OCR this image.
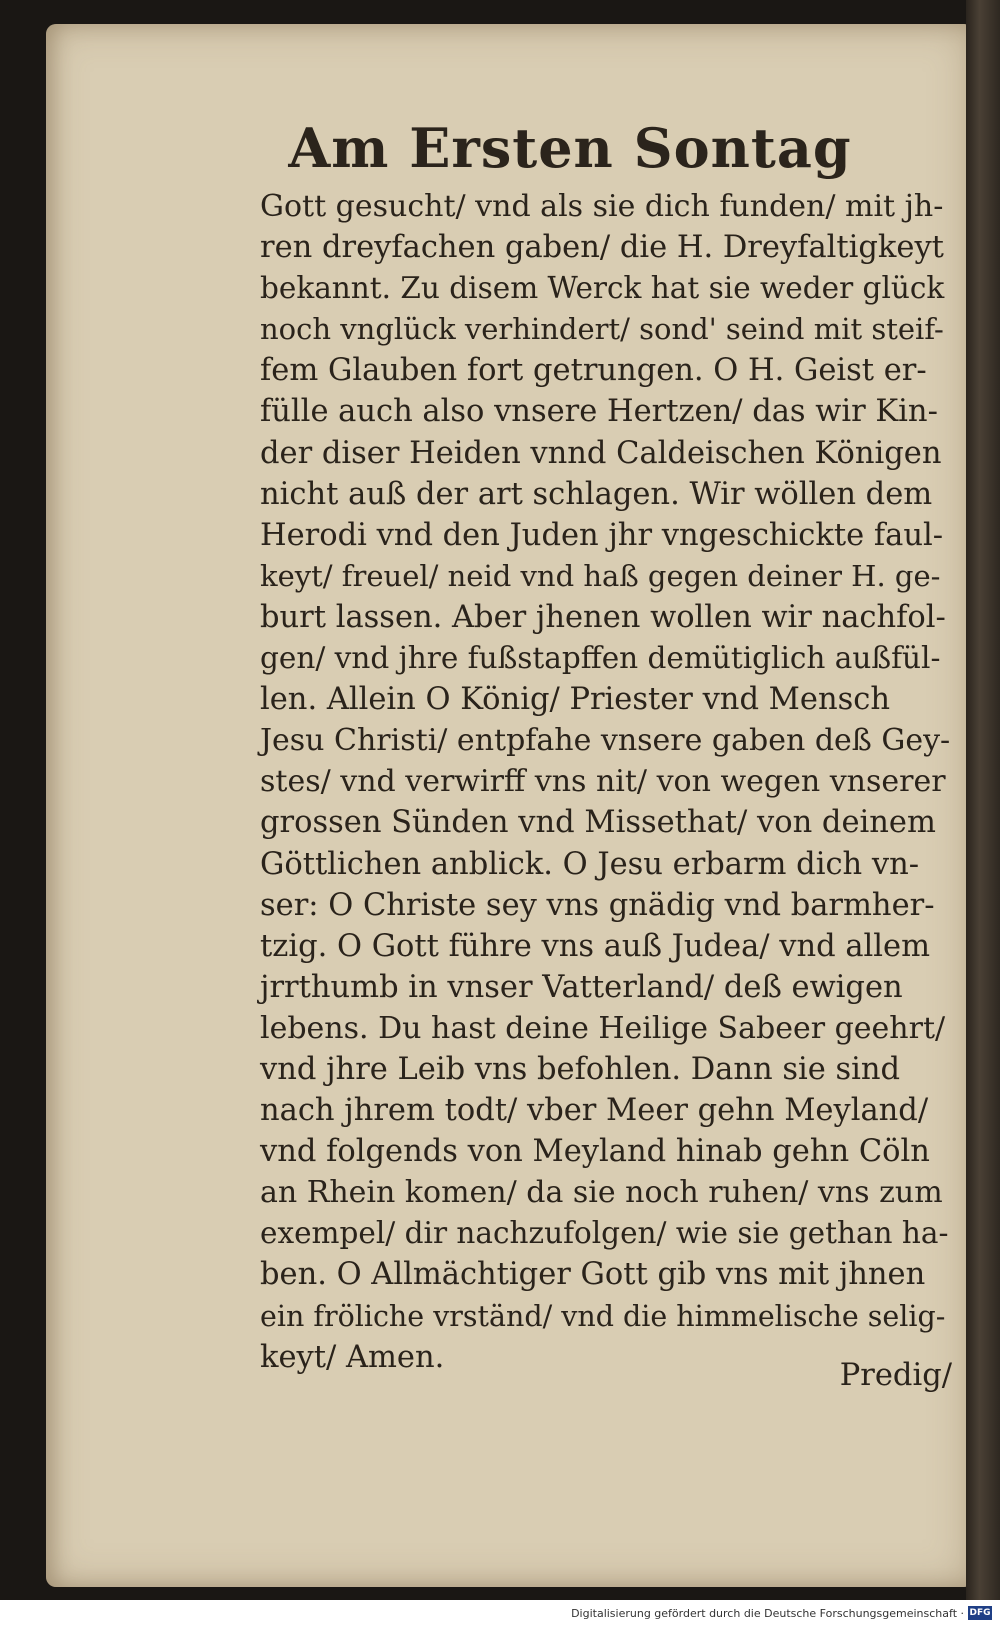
Am Ersten Sontag
Gott gesucht/ vnd als sie dich funden/ mit jh-
ren dreyfachen gaben/ die H. Dreyfaltigkeyt
bekannt. Zu disem Werck hat sie weder glück
noch vnglück verhindert/ sond' seind mit steif-
fem Glauben fort getrungen. O H. Geist er-
fülle auch also vnsere Hertzen/ das wir Kin-
der diser Heiden vnnd Caldeischen Königen
nicht auß der art schlagen. Wir wöllen dem
Herodi vnd den Juden jhr vngeschickte faul-
keyt/ freuel/ neid vnd haß gegen deiner H. ge-
burt lassen. Aber jhenen wollen wir nachfol-
gen/ vnd jhre fußstapffen demütiglich außfül-
len. Allein O König/ Priester vnd Mensch
Jesu Christi/ entpfahe vnsere gaben deß Gey-
stes/ vnd verwirff vns nit/ von wegen vnserer
grossen Sünden vnd Missethat/ von deinem
Göttlichen anblick. O Jesu erbarm dich vn-
ser: O Christe sey vns gnädig vnd barmher-
tzig. O Gott führe vns auß Judea/ vnd allem
jrrthumb in vnser Vatterland/ deß ewigen
lebens. Du hast deine Heilige Sabeer geehrt/
vnd jhre Leib vns befohlen. Dann sie sind
nach jhrem todt/ vber Meer gehn Meyland/
vnd folgends von Meyland hinab gehn Cöln
an Rhein komen/ da sie noch ruhen/ vns zum
exempel/ dir nachzufolgen/ wie sie gethan ha-
ben. O Allmächtiger Gott gib vns mit jhnen
ein fröliche vrständ/ vnd die himmelische selig-
keyt/ Amen.
Predig/
Digitalisierung gefördert durch die Deutsche Forschungsgemeinschaft · DFG
